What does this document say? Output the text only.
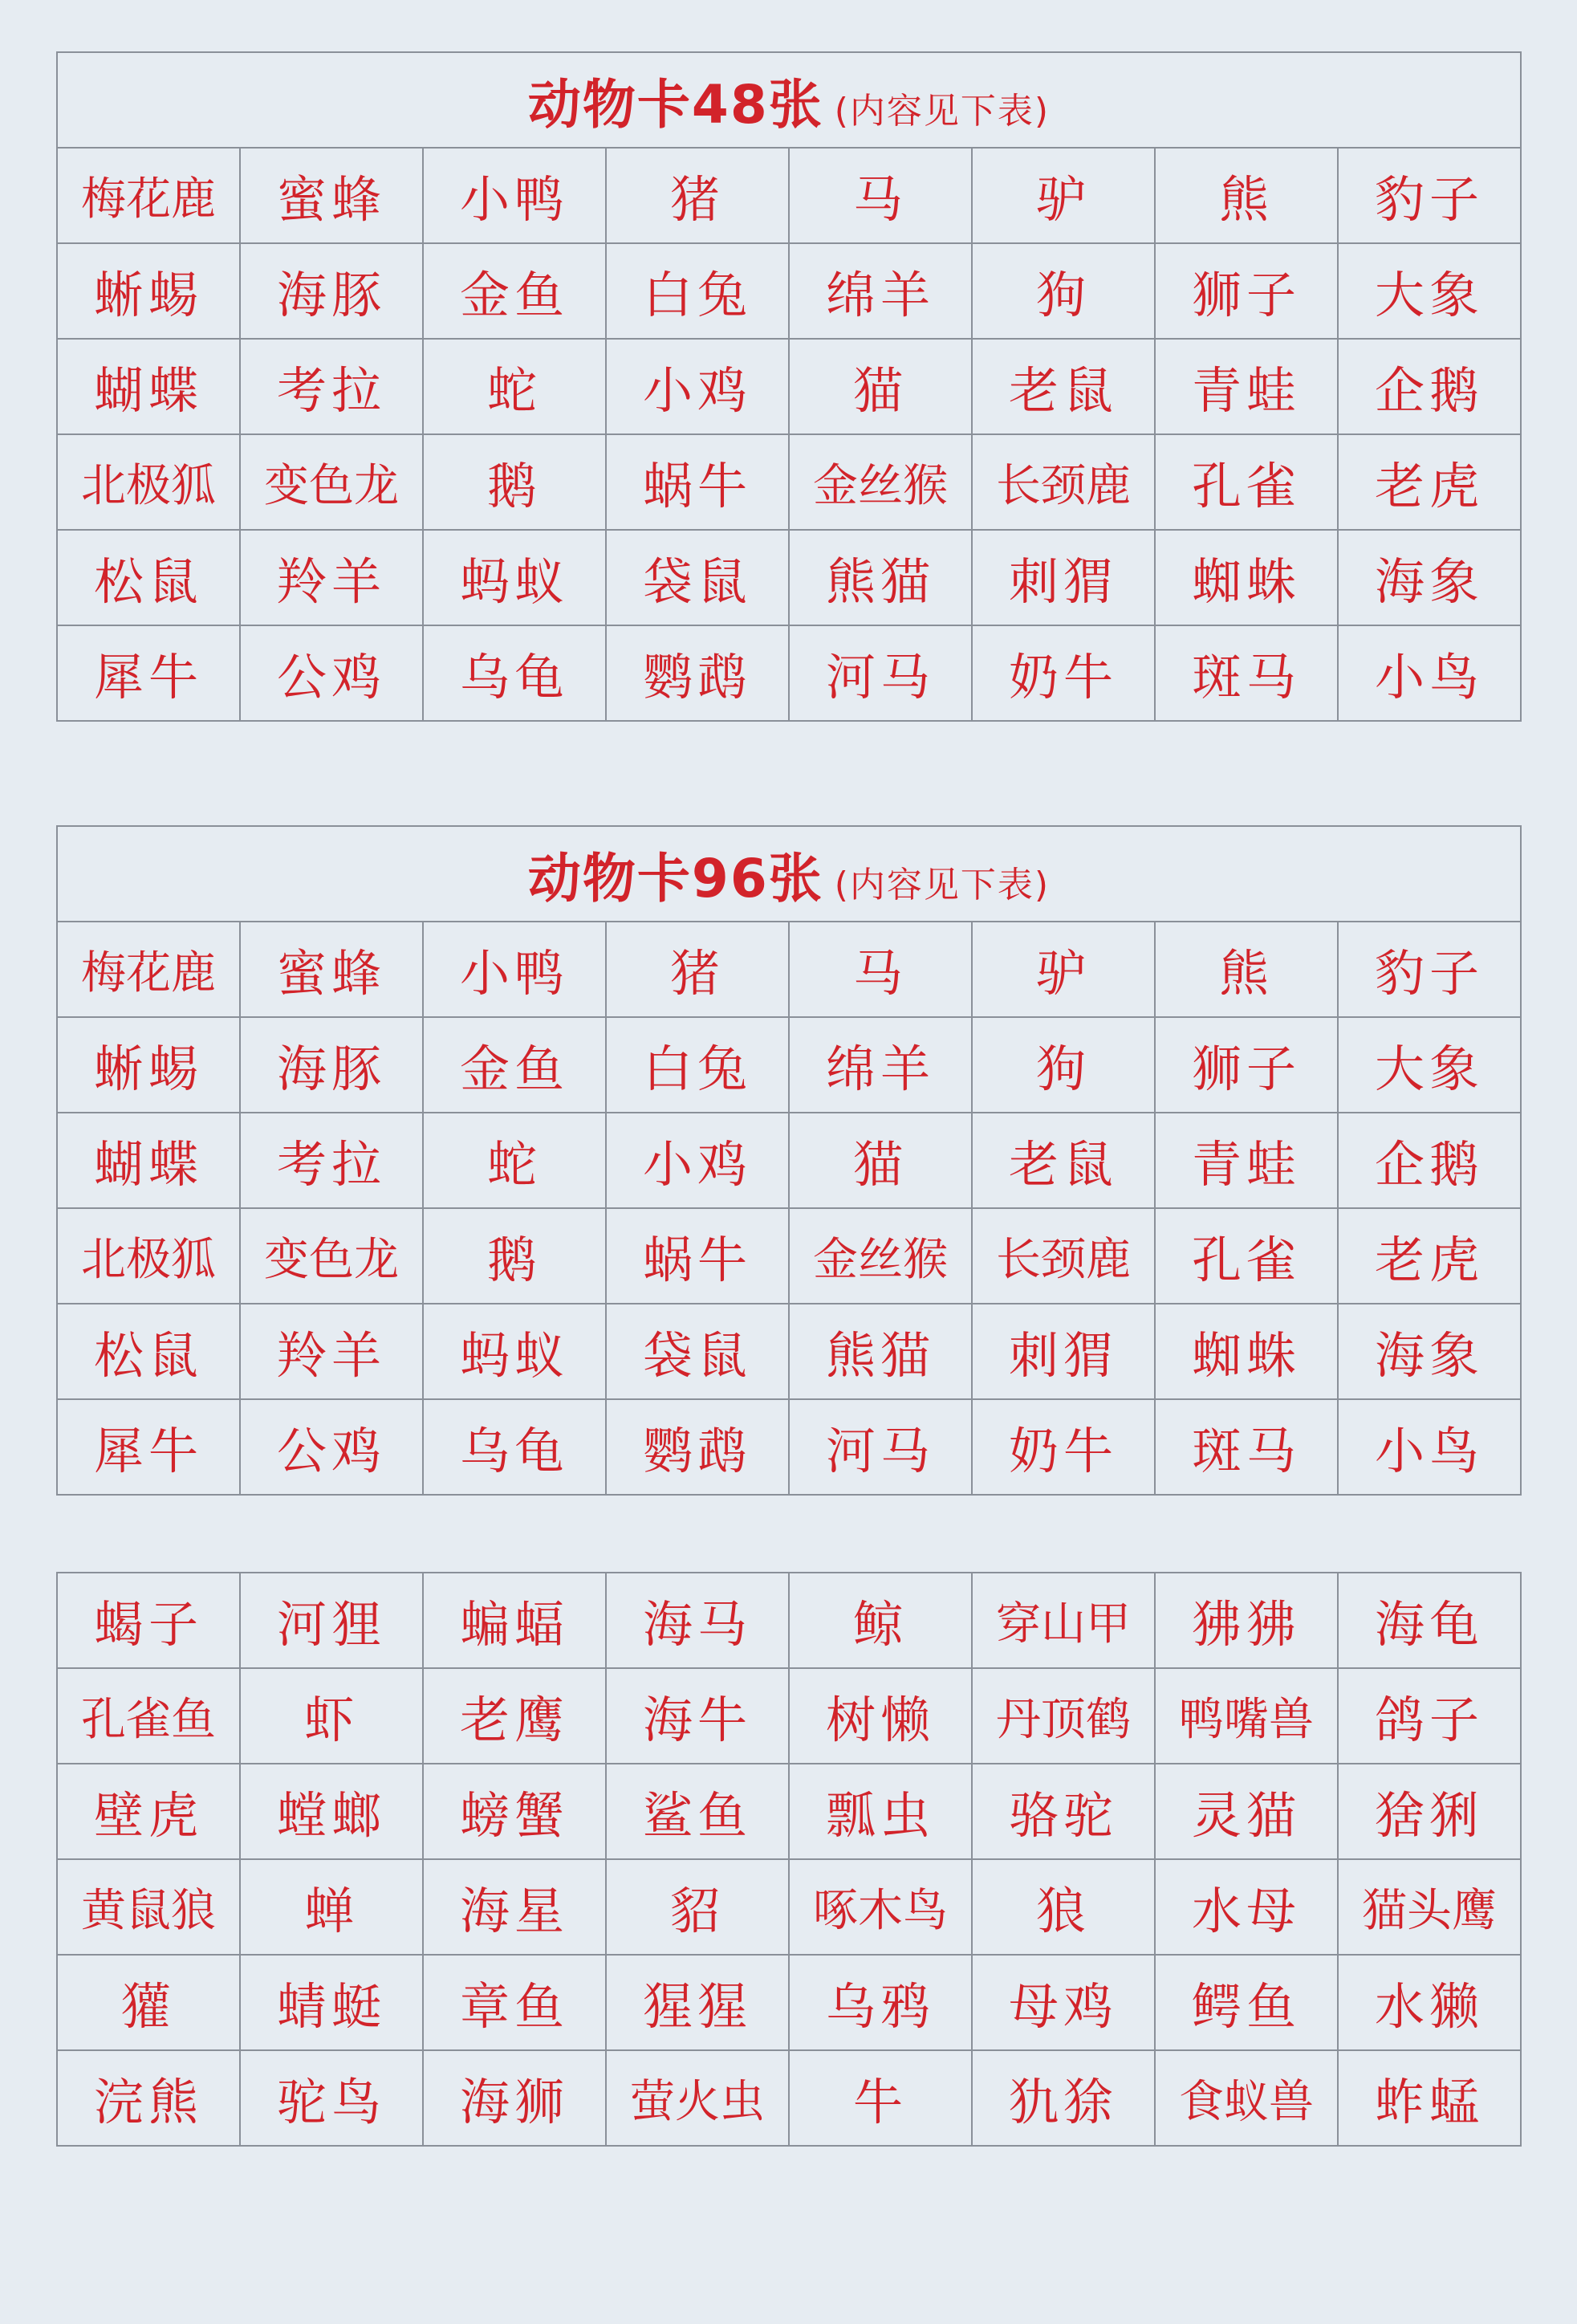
动物卡48张 (内容见下表)							
梅花鹿	蜜蜂	小鸭	猪	马	驴	熊	豹子
蜥蜴	海豚	金鱼	白兔	绵羊	狗	狮子	大象
蝴蝶	考拉	蛇	小鸡	猫	老鼠	青蛙	企鹅
北极狐	变色龙	鹅	蜗牛	金丝猴	长颈鹿	孔雀	老虎
松鼠	羚羊	蚂蚁	袋鼠	熊猫	刺猬	蜘蛛	海象
犀牛	公鸡	乌龟	鹦鹉	河马	奶牛	斑马	小鸟
动物卡96张 (内容见下表)							
梅花鹿	蜜蜂	小鸭	猪	马	驴	熊	豹子
蜥蜴	海豚	金鱼	白兔	绵羊	狗	狮子	大象
蝴蝶	考拉	蛇	小鸡	猫	老鼠	青蛙	企鹅
北极狐	变色龙	鹅	蜗牛	金丝猴	长颈鹿	孔雀	老虎
松鼠	羚羊	蚂蚁	袋鼠	熊猫	刺猬	蜘蛛	海象
犀牛	公鸡	乌龟	鹦鹉	河马	奶牛	斑马	小鸟
蝎子	河狸	蝙蝠	海马	鲸	穿山甲	狒狒	海龟
孔雀鱼	虾	老鹰	海牛	树懒	丹顶鹤	鸭嘴兽	鸽子
壁虎	螳螂	螃蟹	鲨鱼	瓢虫	骆驼	灵猫	猞猁
黄鼠狼	蝉	海星	貂	啄木鸟	狼	水母	猫头鹰
獾	蜻蜓	章鱼	猩猩	乌鸦	母鸡	鳄鱼	水獭
浣熊	驼鸟	海狮	萤火虫	牛	犰狳	食蚁兽	蚱蜢
